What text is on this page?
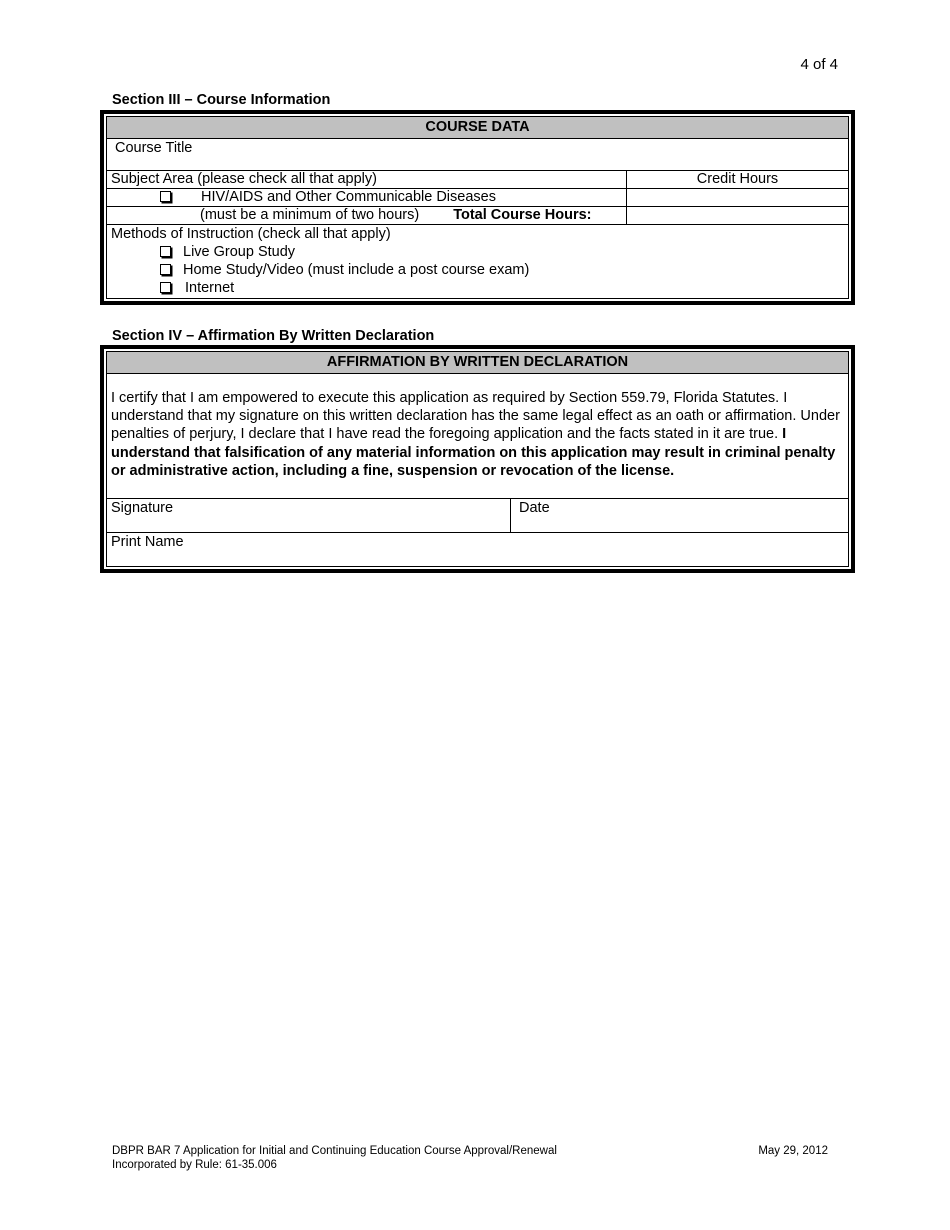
4 of 4
Section III – Course Information
COURSE DATA
Course Title
Subject Area (please check all that apply)	Credit Hours
HIV/AIDS and Other Communicable Diseases
(must be a minimum of two hours) Total Course Hours:
Methods of Instruction (check all that apply)
Live Group Study
Home Study/Video (must include a post course exam)
Internet
Section IV – Affirmation By Written Declaration
AFFIRMATION BY WRITTEN DECLARATION
I certify that I am empowered to execute this application as required by Section 559.79, Florida Statutes. I understand that my signature on this written declaration has the same legal effect as an oath or affirmation. Under penalties of perjury, I declare that I have read the foregoing application and the facts stated in it are true. I understand that falsification of any material information on this application may result in criminal penalty or administrative action, including a fine, suspension or revocation of the license.
Signature	Date
Print Name
DBPR BAR 7 Application for Initial and Continuing Education Course Approval/Renewal
Incorporated by Rule: 61-35.006
May 29, 2012
